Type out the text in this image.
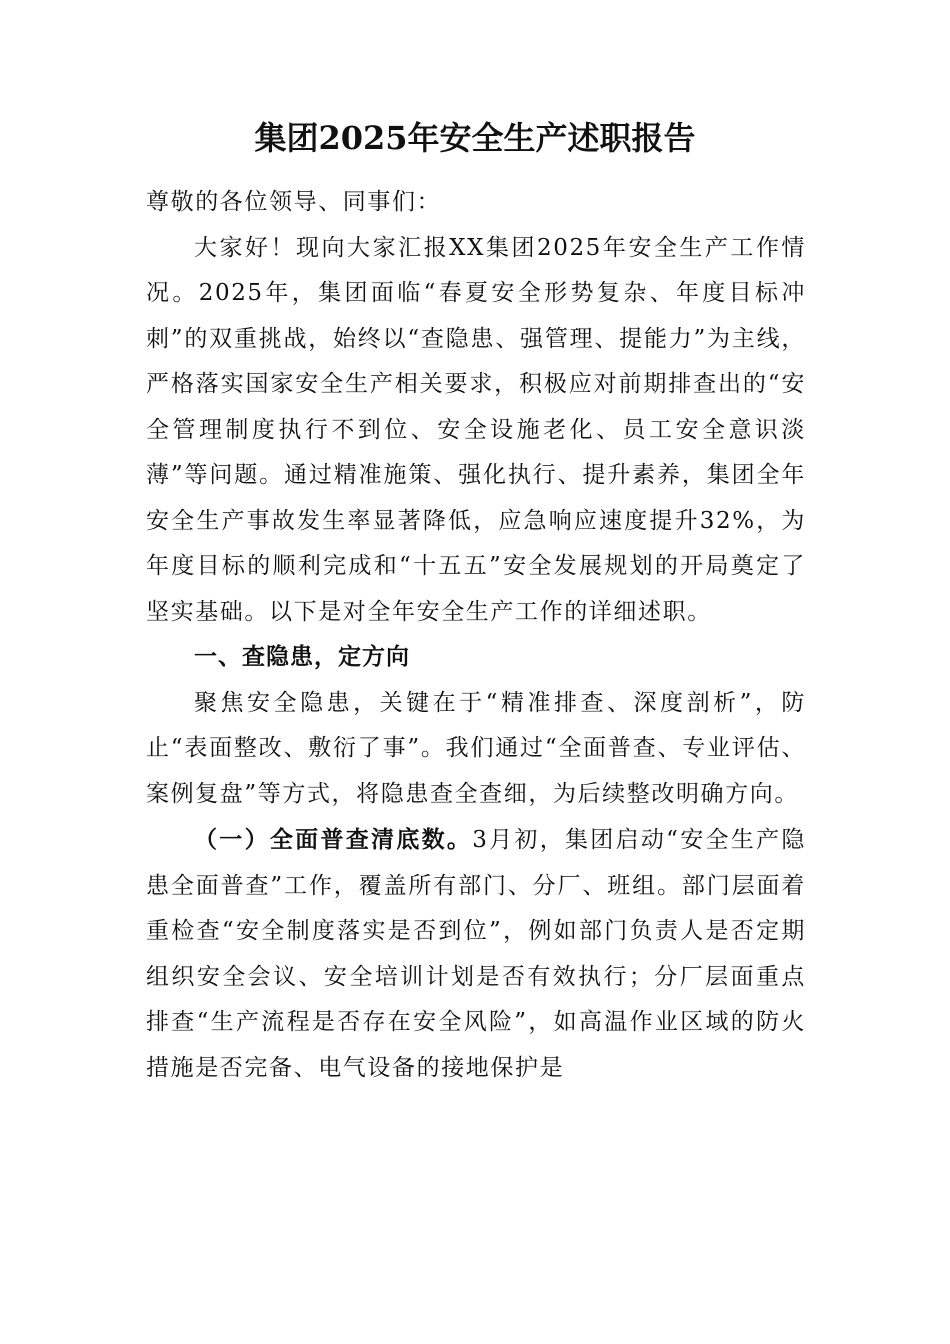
集团2025年安全生产述职报告

尊敬的各位领导、同事们：

大家好！现向大家汇报XX集团2025年安全生产工作情况。2025年，集团面临“春夏安全形势复杂、年度目标冲刺”的双重挑战，始终以“查隐患、强管理、提能力”为主线，严格落实国家安全生产相关要求，积极应对前期排查出的“安全管理制度执行不到位、安全设施老化、员工安全意识淡薄”等问题。通过精准施策、强化执行、提升素养，集团全年安全生产事故发生率显著降低，应急响应速度提升32%，为年度目标的顺利完成和“十五五”安全发展规划的开局奠定了坚实基础。以下是对全年安全生产工作的详细述职。

一、查隐患，定方向

聚焦安全隐患，关键在于“精准排查、深度剖析”，防止“表面整改、敷衍了事”。我们通过“全面普查、专业评估、案例复盘”等方式，将隐患查全查细，为后续整改明确方向。

（一）全面普查清底数。3月初，集团启动“安全生产隐患全面普查”工作，覆盖所有部门、分厂、班组。部门层面着重检查“安全制度落实是否到位”，例如部门负责人是否定期组织安全会议、安全培训计划是否有效执行；分厂层面重点排查“生产流程是否存在安全风险”，如高温作业区域的防火措施是否完备、电气设备的接地保护是
